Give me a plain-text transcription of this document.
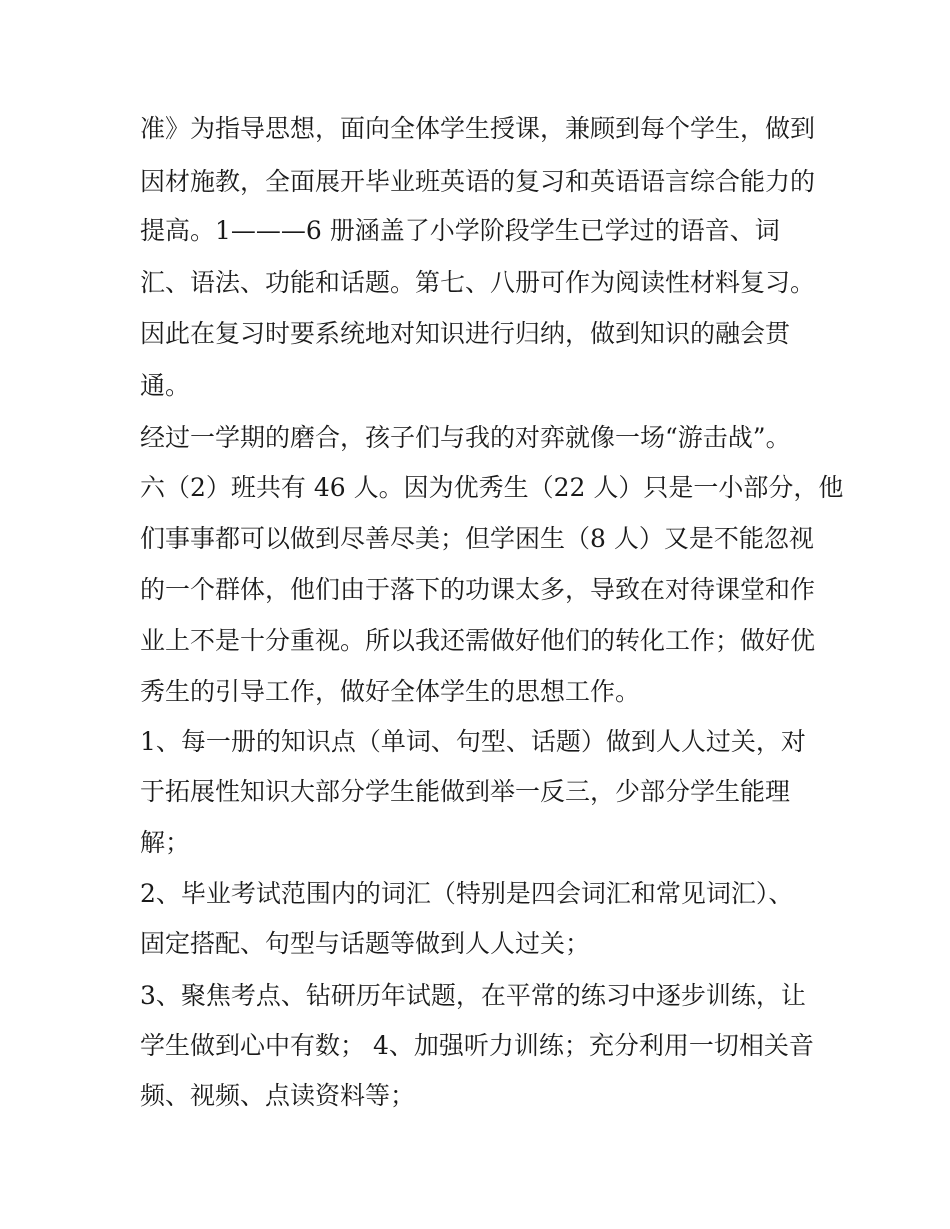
准》为指导思想，面向全体学生授课，兼顾到每个学生，做到
因材施教，全面展开毕业班英语的复习和英语语言综合能力的
提高。1———6 册涵盖了小学阶段学生已学过的语音、词
汇、语法、功能和话题。第七、八册可作为阅读性材料复习。
因此在复习时要系统地对知识进行归纳，做到知识的融会贯
通。
经过一学期的磨合，孩子们与我的对弈就像一场“游击战”。
六（2）班共有 46 人。因为优秀生（22 人）只是一小部分，他
们事事都可以做到尽善尽美；但学困生（8 人）又是不能忽视
的一个群体，他们由于落下的功课太多，导致在对待课堂和作
业上不是十分重视。所以我还需做好他们的转化工作；做好优
秀生的引导工作，做好全体学生的思想工作。
1、每一册的知识点（单词、句型、话题）做到人人过关，对
于拓展性知识大部分学生能做到举一反三，少部分学生能理
解；
2、毕业考试范围内的词汇（特别是四会词汇和常见词汇）、
固定搭配、句型与话题等做到人人过关；
3、聚焦考点、钻研历年试题，在平常的练习中逐步训练，让
学生做到心中有数； 4、加强听力训练；充分利用一切相关音
频、视频、点读资料等；
